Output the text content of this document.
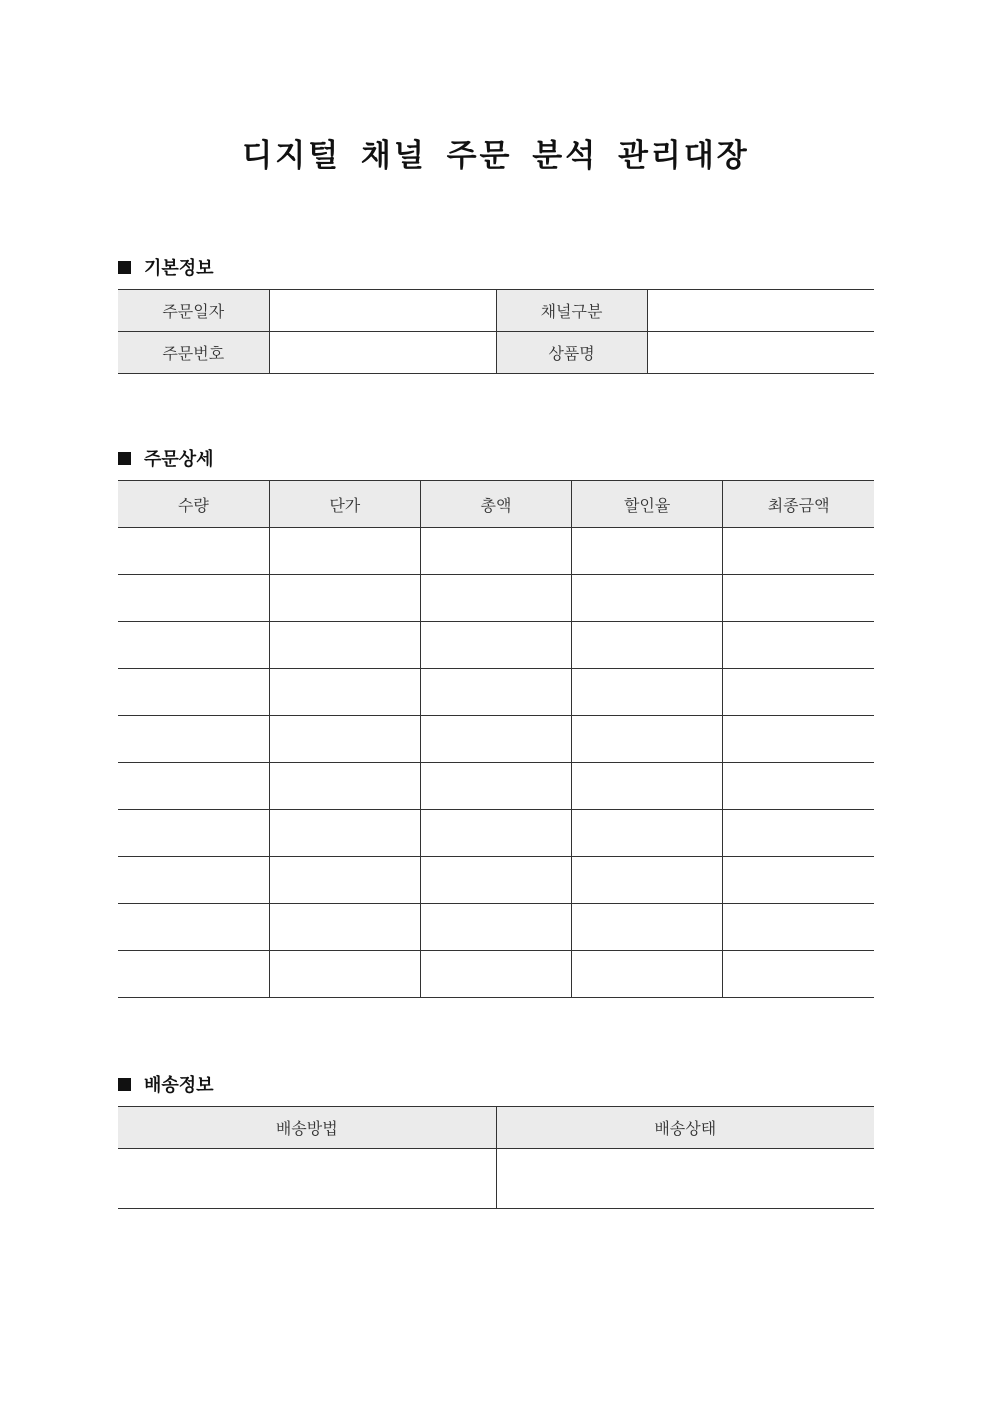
디지털 채널 주문 분석 관리대장
기본정보
주문일자		채널구분	
주문번호		상품명	
주문상세
수량	단가	총액	할인율	최종금액

배송정보
배송방법	배송상태
